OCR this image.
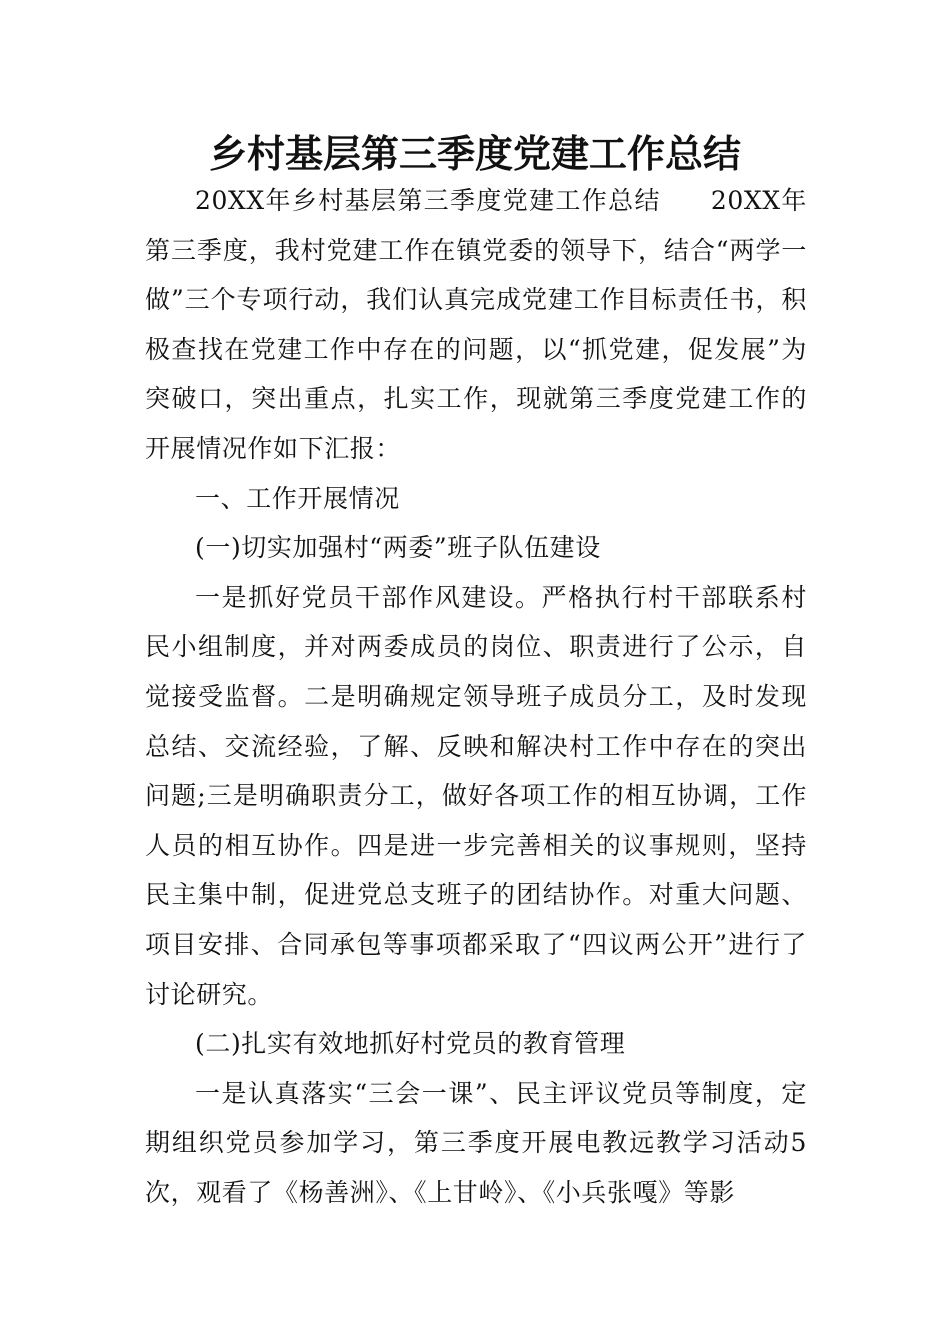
乡村基层第三季度党建工作总结

20XX年乡村基层第三季度党建工作总结 20XX年第三季度，我村党建工作在镇党委的领导下，结合“两学一做”三个专项行动，我们认真完成党建工作目标责任书，积极查找在党建工作中存在的问题，以“抓党建，促发展”为突破口，突出重点，扎实工作，现就第三季度党建工作的开展情况作如下汇报：

一、工作开展情况

(一)切实加强村“两委”班子队伍建设

一是抓好党员干部作风建设。严格执行村干部联系村民小组制度，并对两委成员的岗位、职责进行了公示，自觉接受监督。二是明确规定领导班子成员分工，及时发现总结、交流经验，了解、反映和解决村工作中存在的突出问题;三是明确职责分工，做好各项工作的相互协调，工作人员的相互协作。四是进一步完善相关的议事规则，坚持民主集中制，促进党总支班子的团结协作。对重大问题、项目安排、合同承包等事项都采取了“四议两公开”进行了讨论研究。

(二)扎实有效地抓好村党员的教育管理

一是认真落实“三会一课”、民主评议党员等制度，定期组织党员参加学习，第三季度开展电教远教学习活动5次，观看了《杨善洲》、《上甘岭》、《小兵张嘎》等影
